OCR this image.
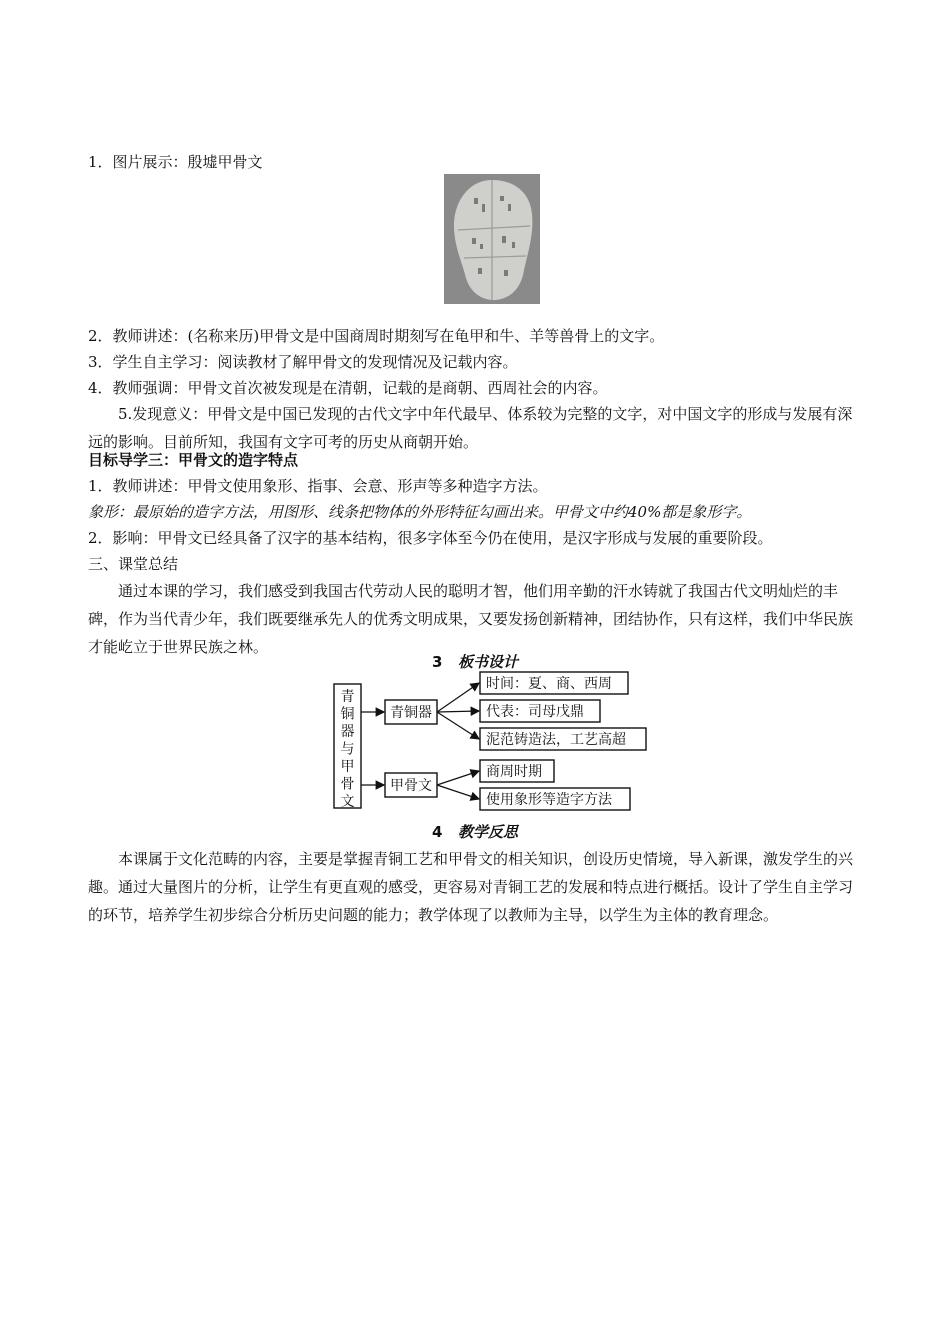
1．图片展示：殷墟甲骨文
2．教师讲述：(名称来历)甲骨文是中国商周时期刻写在龟甲和牛、羊等兽骨上的文字。
3．学生自主学习：阅读教材了解甲骨文的发现情况及记载内容。
4．教师强调：甲骨文首次被发现是在清朝，记载的是商朝、西周社会的内容。
5.发现意义：甲骨文是中国已发现的古代文字中年代最早、体系较为完整的文字，对中国文字的形成与发展有深远的影响。目前所知，我国有文字可考的历史从商朝开始。
目标导学三：甲骨文的造字特点
1．教师讲述：甲骨文使用象形、指事、会意、形声等多种造字方法。
象形：最原始的造字方法，用图形、线条把物体的外形特征勾画出来。甲骨文中约40%都是象形字。
2．影响：甲骨文已经具备了汉字的基本结构，很多字体至今仍在使用，是汉字形成与发展的重要阶段。
三、课堂总结
通过本课的学习，我们感受到我国古代劳动人民的聪明才智，他们用辛勤的汗水铸就了我国古代文明灿烂的丰碑，作为当代青少年，我们既要继承先人的优秀文明成果，又要发扬创新精神，团结协作，只有这样，我们中华民族才能屹立于世界民族之林。
3 板书设计
青铜器与甲骨文
青铜器
甲骨文
时间：夏、商、西周
代表：司母戊鼎
泥范铸造法，工艺高超
商周时期
使用象形等造字方法
4 教学反思
本课属于文化范畴的内容，主要是掌握青铜工艺和甲骨文的相关知识，创设历史情境，导入新课，激发学生的兴趣。通过大量图片的分析，让学生有更直观的感受，更容易对青铜工艺的发展和特点进行概括。设计了学生自主学习的环节，培养学生初步综合分析历史问题的能力；教学体现了以教师为主导，以学生为主体的教育理念。
